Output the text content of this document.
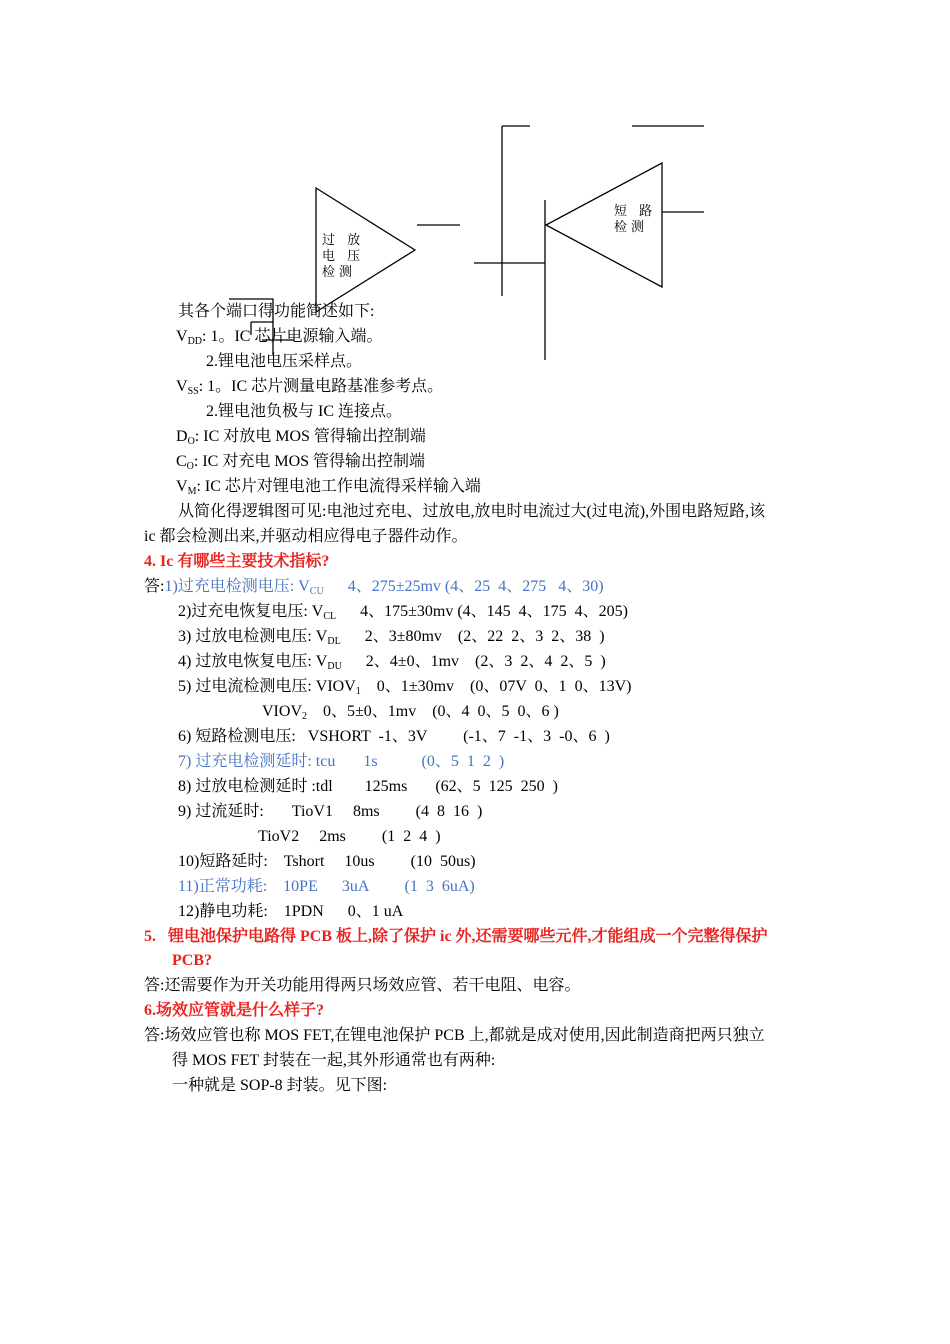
过 放
电 压
检测
短 路
检测
其各个端口得功能简述如下:
$V_{DD}$: 1。IC 芯片电源输入端。
2.锂电池电压采样点。
$V_{SS}$: 1。IC 芯片测量电路基准参考点。
2.锂电池负极与 IC 连接点。
$D_O$: IC 对放电 MOS 管得输出控制端
$C_O$: IC 对充电 MOS 管得输出控制端
$V_M$: IC 芯片对锂电池工作电流得采样输入端
从简化得逻辑图可见:电池过充电、过放电,放电时电流过大(过电流),外围电路短路,该
ic 都会检测出来,并驱动相应得电子器件动作。
4. Ic 有哪些主要技术指标?
答:1)过充电检测电压: $V_{CU}$      4、275±25mv (4、25  4、275   4、30)
2)过充电恢复电压: $V_{CL}$      4、175±30mv (4、145  4、175  4、205)
3) 过放电检测电压: $V_{DL}$      2、3±80mv    (2、22  2、3  2、38  )
4) 过放电恢复电压: $V_{DU}$      2、4±0、1mv    (2、3  2、4  2、5  )
5) 过电流检测电压: $VIOV_1$    0、1±30mv    (0、07V  0、1  0、13V)
$VIOV_2$    0、5±0、1mv    (0、4  0、5  0、6 )
6) 短路检测电压:   VSHORT  -1、3V         (-1、7  -1、3  -0、6  )
7) 过充电检测延时: tcu       1s           (0、5  1  2  )
8) 过放电检测延时 :tdl        125ms       (62、5  125  250  )
9) 过流延时:       TioV1     8ms         (4  8  16  )
TioV2     2ms         (1  2  4  )
10)短路延时:    Tshort     10us         (10  50us)
11)正常功耗:    10PE      3uA         (1  3  6uA)
12)静电功耗:    1PDN      0、1 uA
5.   锂电池保护电路得 PCB 板上,除了保护 ic 外,还需要哪些元件,才能组成一个完整得保护
PCB?
答:还需要作为开关功能用得两只场效应管、若干电阻、电容。
6.场效应管就是什么样子?
答:场效应管也称 MOS FET,在锂电池保护 PCB 上,都就是成对使用,因此制造商把两只独立
得 MOS FET 封装在一起,其外形通常也有两种:
一种就是 SOP-8 封装。见下图:
